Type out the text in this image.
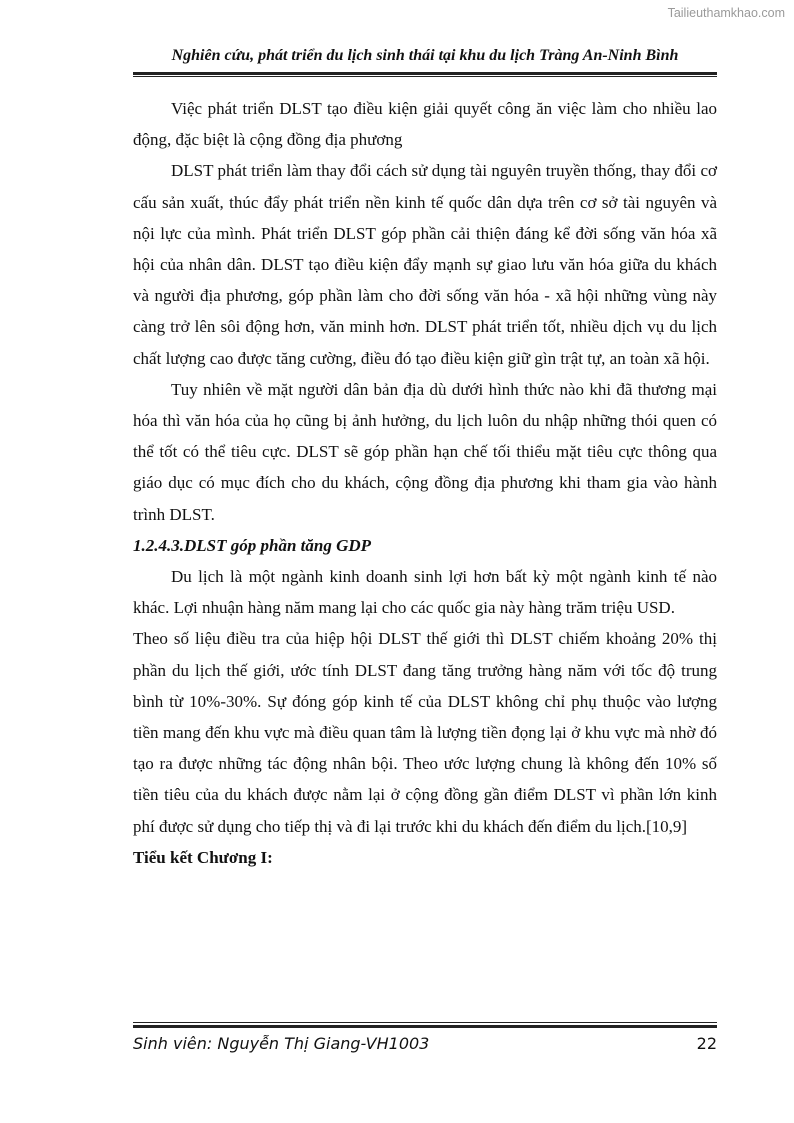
Tailieuthamkhao.com
Nghiên cứu, phát triển du lịch sinh thái tại khu du lịch Tràng An-Ninh Bình

Việc phát triển DLST tạo điều kiện giải quyết công ăn việc làm cho nhiều lao động, đặc biệt là cộng đồng địa phương

DLST phát triển làm thay đổi cách sử dụng tài nguyên truyền thống, thay đổi cơ cấu sản xuất, thúc đẩy phát triển nền kinh tế quốc dân dựa trên cơ sở tài nguyên và nội lực của mình. Phát triển DLST góp phần cải thiện đáng kể đời sống văn hóa xã hội của nhân dân. DLST tạo điều kiện đẩy mạnh sự giao lưu văn hóa giữa du khách và người địa phương, góp phần làm cho đời sống văn hóa - xã hội những vùng này càng trở lên sôi động hơn, văn minh hơn. DLST phát triển tốt, nhiều dịch vụ du lịch chất lượng cao được tăng cường, điều đó tạo điều kiện giữ gìn trật tự, an toàn xã hội.

Tuy nhiên về mặt người dân bản địa dù dưới hình thức nào khi đã thương mại hóa thì văn hóa của họ cũng bị ảnh hưởng, du lịch luôn du nhập những thói quen có thể tốt có thể tiêu cực. DLST sẽ góp phần hạn chế tối thiểu mặt tiêu cực thông qua giáo dục có mục đích cho du khách, cộng đồng địa phương khi tham gia vào hành trình DLST.

1.2.4.3.DLST góp phần tăng GDP

Du lịch là một ngành kinh doanh sinh lợi hơn bất kỳ một ngành kinh tế nào khác. Lợi nhuận hàng năm mang lại cho các quốc gia này hàng trăm triệu USD.

Theo số liệu điều tra của hiệp hội DLST thế giới thì DLST chiếm khoảng 20% thị phần du lịch thế giới, ước tính DLST đang tăng trưởng hàng năm với tốc độ trung bình từ 10%-30%. Sự đóng góp kinh tế của DLST không chỉ phụ thuộc vào lượng tiền mang đến khu vực mà điều quan tâm là lượng tiền đọng lại ở khu vực mà nhờ đó tạo ra được những tác động nhân bội. Theo ước lượng chung là không đến 10% số tiền tiêu của du khách được nằm lại ở cộng đồng gần điểm DLST vì phần lớn kinh phí được sử dụng cho tiếp thị và đi lại trước khi du khách đến điểm du lịch.[10,9]

Tiểu kết Chương I:

Sinh viên: Nguyễn Thị Giang-VH1003	22
